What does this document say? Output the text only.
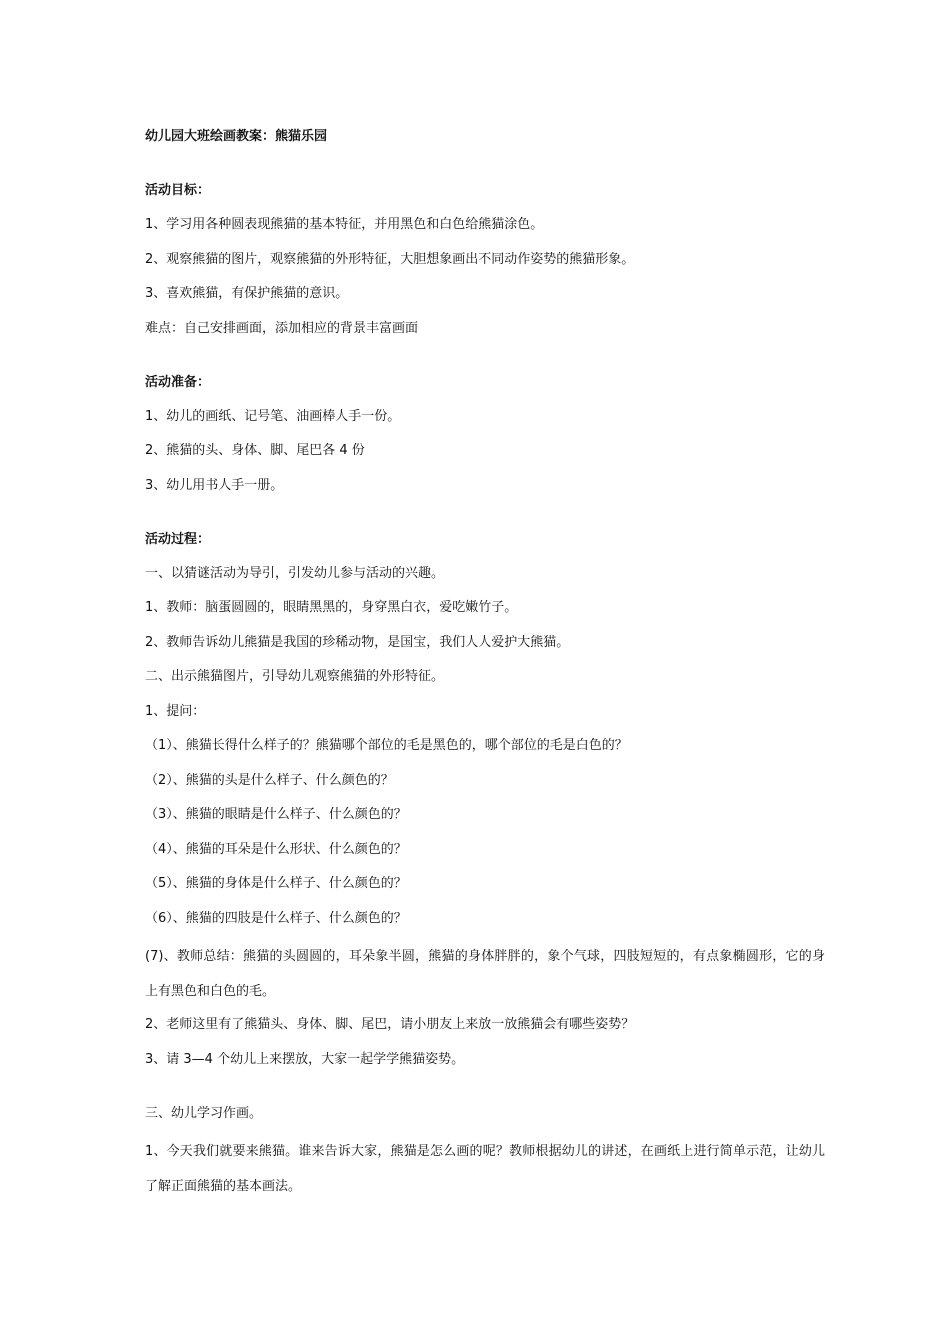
幼儿园大班绘画教案：熊猫乐园
活动目标：
1、学习用各种圆表现熊猫的基本特征，并用黑色和白色给熊猫涂色。
2、观察熊猫的图片，观察熊猫的外形特征，大胆想象画出不同动作姿势的熊猫形象。
3、喜欢熊猫，有保护熊猫的意识。
难点：自己安排画面，添加相应的背景丰富画面
活动准备：
1、幼儿的画纸、记号笔、油画棒人手一份。
2、熊猫的头、身体、脚、尾巴各 4 份
3、幼儿用书人手一册。
活动过程：
一、以猜谜活动为导引，引发幼儿参与活动的兴趣。
1、教师：脑蛋圆圆的，眼睛黑黑的，身穿黑白衣，爱吃嫩竹子。
2、教师告诉幼儿熊猫是我国的珍稀动物，是国宝，我们人人爱护大熊猫。
二、出示熊猫图片，引导幼儿观察熊猫的外形特征。
1、提问：
（1）、熊猫长得什么样子的？熊猫哪个部位的毛是黑色的，哪个部位的毛是白色的？
（2）、熊猫的头是什么样子、什么颜色的？
（3）、熊猫的眼睛是什么样子、什么颜色的？
（4）、熊猫的耳朵是什么形状、什么颜色的？
（5）、熊猫的身体是什么样子、什么颜色的？
（6）、熊猫的四肢是什么样子、什么颜色的？
(7)、教师总结：熊猫的头圆圆的，耳朵象半圆，熊猫的身体胖胖的，象个气球，四肢短短的，有点象椭圆形，它的身上有黑色和白色的毛。
2、老师这里有了熊猫头、身体、脚、尾巴，请小朋友上来放一放熊猫会有哪些姿势？
3、请 3—4 个幼儿上来摆放，大家一起学学熊猫姿势。
三、幼儿学习作画。
1、今天我们就要来熊猫。谁来告诉大家，熊猫是怎么画的呢？教师根据幼儿的讲述，在画纸上进行简单示范，让幼儿了解正面熊猫的基本画法。
